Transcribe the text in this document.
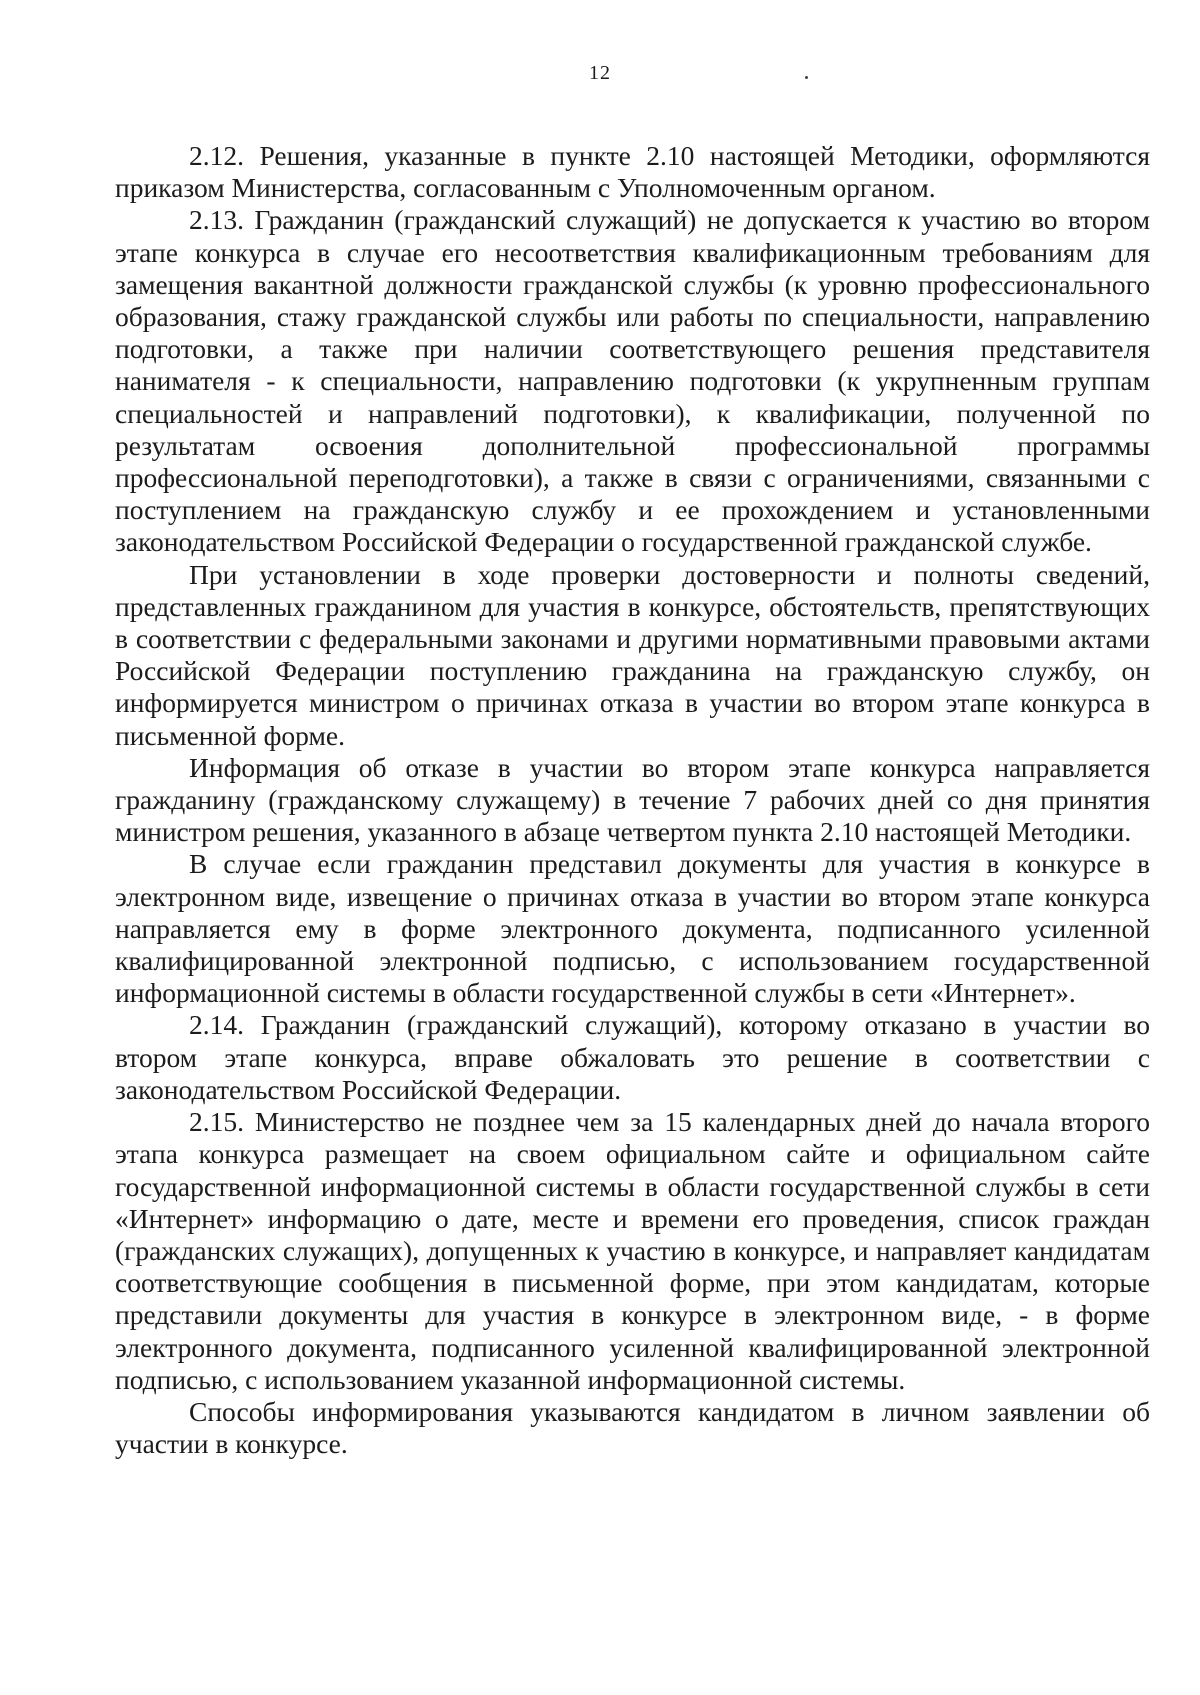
12

2.12. Решения, указанные в пункте 2.10 настоящей Методики, оформляются приказом Министерства, согласованным с Уполномоченным органом.

2.13. Гражданин (гражданский служащий) не допускается к участию во втором этапе конкурса в случае его несоответствия квалификационным требованиям для замещения вакантной должности гражданской службы (к уровню профессионального образования, стажу гражданской службы или работы по специальности, направлению подготовки, а также при наличии соответствующего решения представителя нанимателя - к специальности, направлению подготовки (к укрупненным группам специальностей и направлений подготовки), к квалификации, полученной по результатам освоения дополнительной профессиональной программы профессиональной переподготовки), а также в связи с ограничениями, связанными с поступлением на гражданскую службу и ее прохождением и установленными законодательством Российской Федерации о государственной гражданской службе.

При установлении в ходе проверки достоверности и полноты сведений, представленных гражданином для участия в конкурсе, обстоятельств, препятствующих в соответствии с федеральными законами и другими нормативными правовыми актами Российской Федерации поступлению гражданина на гражданскую службу, он информируется министром о причинах отказа в участии во втором этапе конкурса в письменной форме.

Информация об отказе в участии во втором этапе конкурса направляется гражданину (гражданскому служащему) в течение 7 рабочих дней со дня принятия министром решения, указанного в абзаце четвертом пункта 2.10 настоящей Методики.

В случае если гражданин представил документы для участия в конкурсе в электронном виде, извещение о причинах отказа в участии во втором этапе конкурса направляется ему в форме электронного документа, подписанного усиленной квалифицированной электронной подписью, с использованием государственной информационной системы в области государственной службы в сети «Интернет».

2.14. Гражданин (гражданский служащий), которому отказано в участии во втором этапе конкурса, вправе обжаловать это решение в соответствии с законодательством Российской Федерации.

2.15. Министерство не позднее чем за 15 календарных дней до начала второго этапа конкурса размещает на своем официальном сайте и официальном сайте государственной информационной системы в области государственной службы в сети «Интернет» информацию о дате, месте и времени его проведения, список граждан (гражданских служащих), допущенных к участию в конкурсе, и направляет кандидатам соответствующие сообщения в письменной форме, при этом кандидатам, которые представили документы для участия в конкурсе в электронном виде, - в форме электронного документа, подписанного усиленной квалифицированной электронной подписью, с использованием указанной информационной системы.

Способы информирования указываются кандидатом в личном заявлении об участии в конкурсе.
